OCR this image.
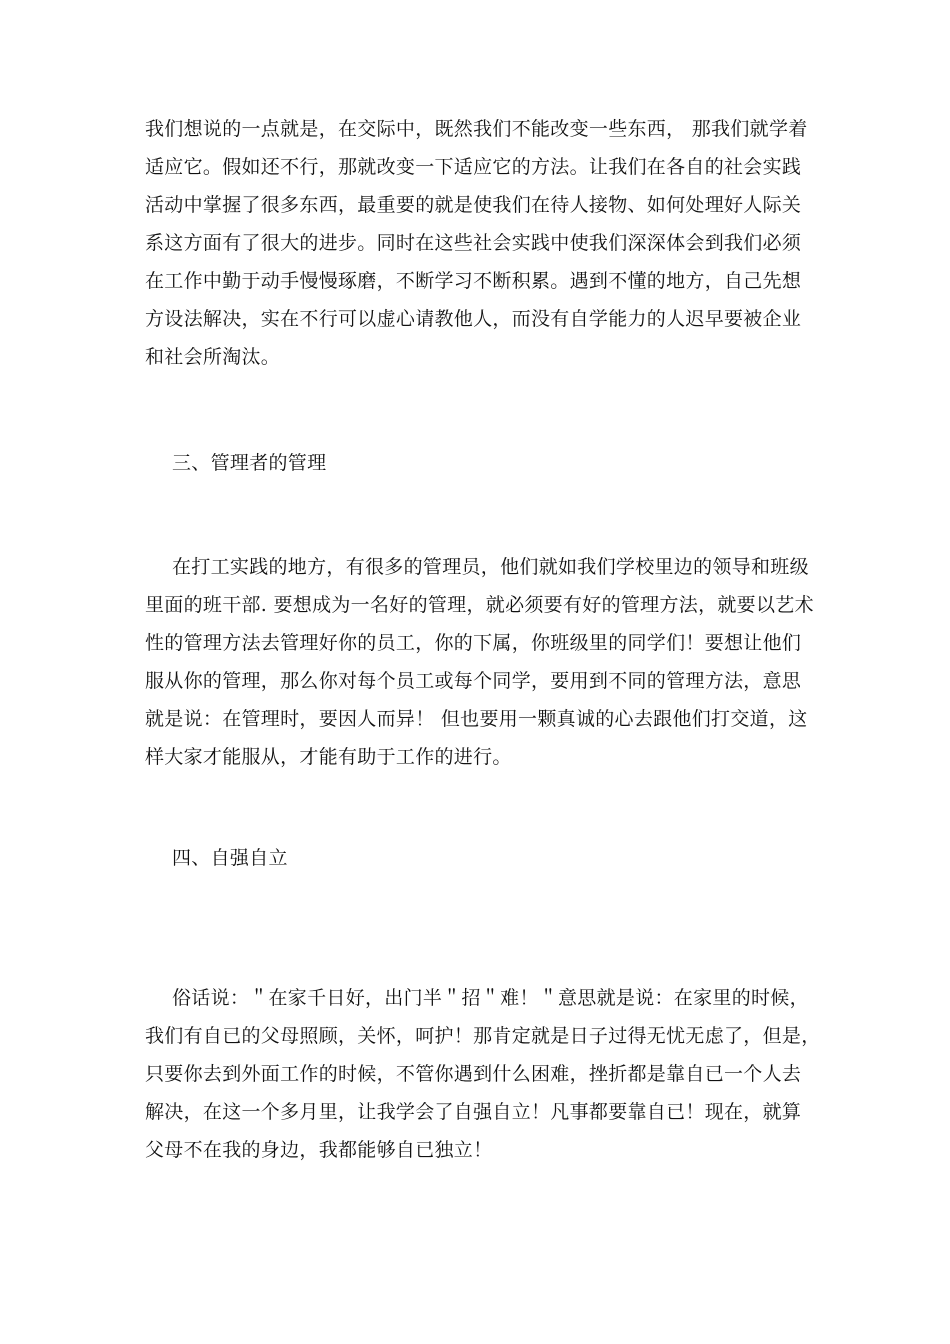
我们想说的一点就是，在交际中，既然我们不能改变一些东西， 那我们就学着

适应它。假如还不行，那就改变一下适应它的方法。让我们在各自的社会实践

活动中掌握了很多东西，最重要的就是使我们在待人接物、如何处理好人际关

系这方面有了很大的进步。同时在这些社会实践中使我们深深体会到我们必须

在工作中勤于动手慢慢琢磨，不断学习不断积累。遇到不懂的地方，自己先想

方设法解决，实在不行可以虚心请教他人，而没有自学能力的人迟早要被企业

和社会所淘汰。

三、管理者的管理

在打工实践的地方，有很多的管理员，他们就如我们学校里边的领导和班级

里面的班干部. 要想成为一名好的管理，就必须要有好的管理方法，就要以艺术

性的管理方法去管理好你的员工，你的下属，你班级里的同学们！要想让他们

服从你的管理，那么你对每个员工或每个同学，要用到不同的管理方法，意思

就是说：在管理时，要因人而异！ 但也要用一颗真诚的心去跟他们打交道，这

样大家才能服从，才能有助于工作的进行。

四、自强自立

俗话说：＂在家千日好，出门半＂招＂难！＂意思就是说：在家里的时候，

我们有自已的父母照顾，关怀，呵护！那肯定就是日子过得无忧无虑了，但是，

只要你去到外面工作的时候，不管你遇到什么困难，挫折都是靠自已一个人去

解决，在这一个多月里，让我学会了自强自立！凡事都要靠自已！现在，就算

父母不在我的身边，我都能够自已独立！
